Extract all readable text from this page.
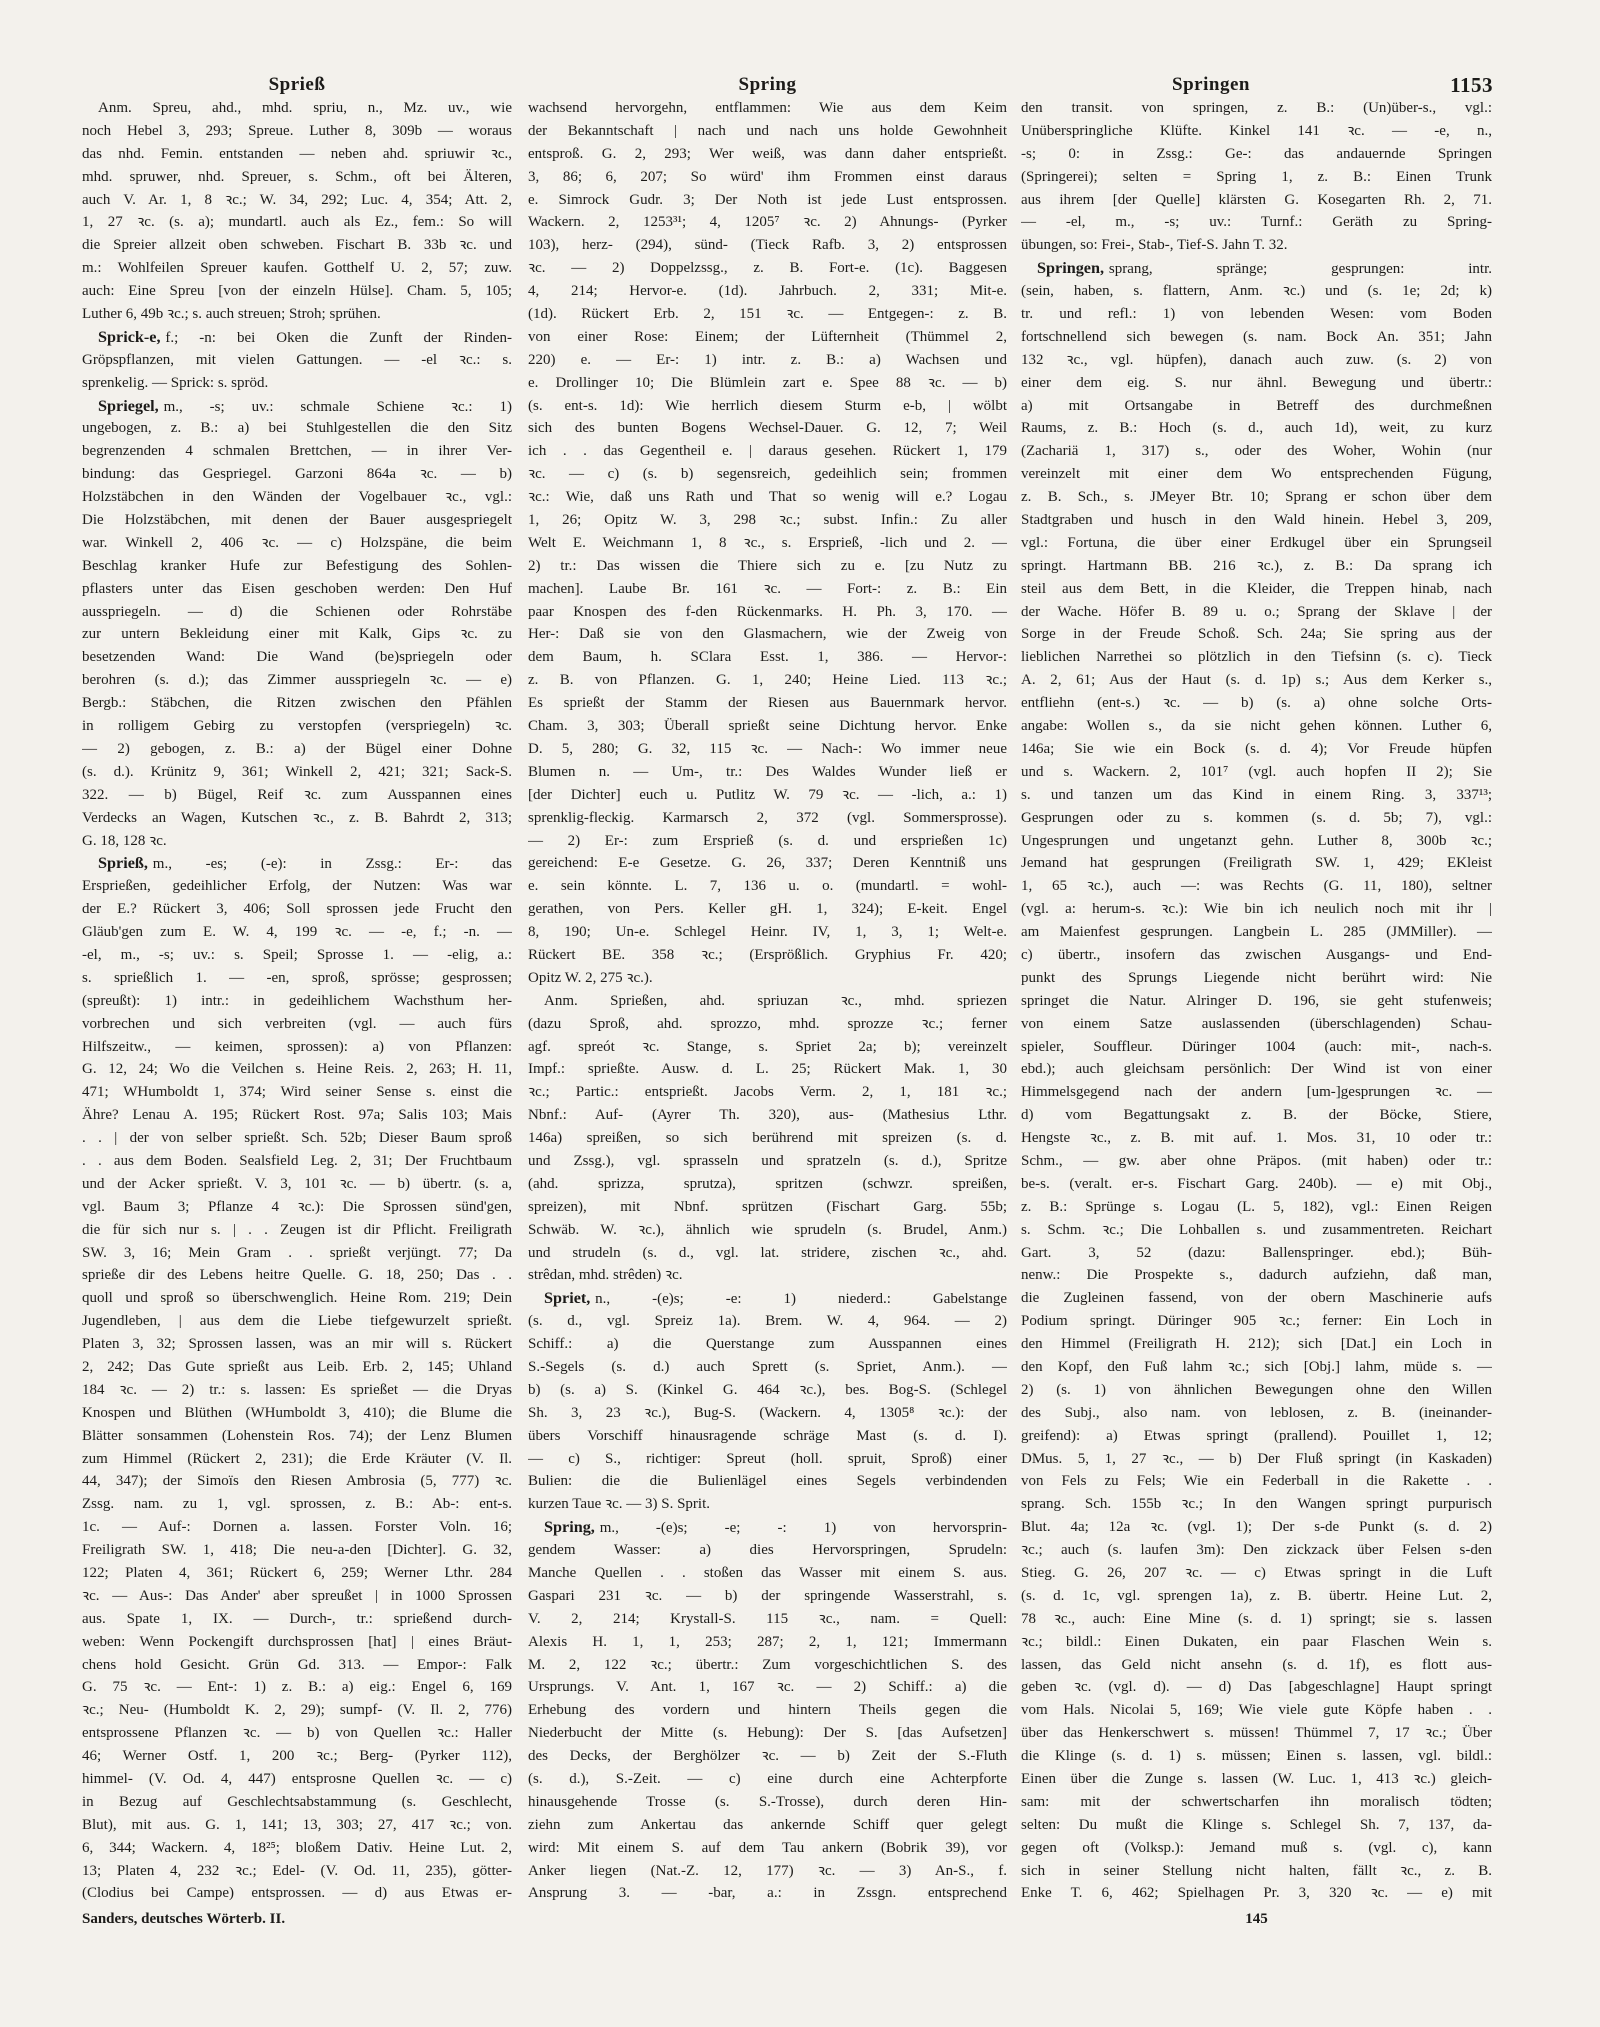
Sprieß	Spring	Springen	1153
Anm. Spreu, ahd., mhd. spriu, n., Mz. uv., wie
noch Hebel 3, 293; Spreue. Luther 8, 309b — woraus
das nhd. Femin. entstanden — neben ahd. spriuwir ꝛc.,
mhd. spruwer, nhd. Spreuer, s. Schm., oft bei Älteren,
auch V. Ar. 1, 8 ꝛc.; W. 34, 292; Luc. 4, 354; Att. 2,
1, 27 ꝛc. (s. a); mundartl. auch als Ez., fem.: So will
die Spreier allzeit oben schweben. Fischart B. 33b ꝛc. und
m.: Wohlfeilen Spreuer kaufen. Gotthelf U. 2, 57; zuw.
auch: Eine Spreu [von der einzeln Hülse]. Cham. 5, 105;
Luther 6, 49b ꝛc.; s. auch streuen; Stroh; sprühen.
Sprick-e, f.; -n: bei Oken die Zunft der Rinden-
Gröpspflanzen, mit vielen Gattungen. — -el ꝛc.: s.
sprenkelig. — Sprick: s. spröd.
Spriegel, m., -s; uv.: schmale Schiene ꝛc.: 1)
ungebogen, z. B.: a) bei Stuhlgestellen die den Sitz
begrenzenden 4 schmalen Brettchen, — in ihrer Ver-
bindung: das Gespriegel. Garzoni 864a ꝛc. — b)
Holzstäbchen in den Wänden der Vogelbauer ꝛc., vgl.:
Die Holzstäbchen, mit denen der Bauer ausgespriegelt
war. Winkell 2, 406 ꝛc. — c) Holzspäne, die beim
Beschlag kranker Hufe zur Befestigung des Sohlen-
pflasters unter das Eisen geschoben werden: Den Huf
ausspriegeln. — d) die Schienen oder Rohrstäbe
zur untern Bekleidung einer mit Kalk, Gips ꝛc. zu
besetzenden Wand: Die Wand (be)spriegeln oder
berohren (s. d.); das Zimmer ausspriegeln ꝛc. — e)
Bergb.: Stäbchen, die Ritzen zwischen den Pfählen
in rolligem Gebirg zu verstopfen (verspriegeln) ꝛc.
— 2) gebogen, z. B.: a) der Bügel einer Dohne
(s. d.). Krünitz 9, 361; Winkell 2, 421; 321; Sack-S.
322. — b) Bügel, Reif ꝛc. zum Ausspannen eines
Verdecks an Wagen, Kutschen ꝛc., z. B. Bahrdt 2, 313;
G. 18, 128 ꝛc.
Sprieß, m., -es; (-e): in Zssg.: Er-: das
Ersprießen, gedeihlicher Erfolg, der Nutzen: Was war
der E.? Rückert 3, 406; Soll sprossen jede Frucht den
Gläub'gen zum E. W. 4, 199 ꝛc. — -e, f.; -n. —
-el, m., -s; uv.: s. Speil; Sprosse 1. — -elig, a.:
s. sprießlich 1. — -en, sproß, sprösse; gesprossen;
(spreußt): 1) intr.: in gedeihlichem Wachsthum her-
vorbrechen und sich verbreiten (vgl. — auch fürs
Hilfszeitw., — keimen, sprossen): a) von Pflanzen:
G. 12, 24; Wo die Veilchen s. Heine Reis. 2, 263; H. 11,
471; WHumboldt 1, 374; Wird seiner Sense s. einst die
Ähre? Lenau A. 195; Rückert Rost. 97a; Salis 103; Mais
. . | der von selber sprießt. Sch. 52b; Dieser Baum sproß
. . aus dem Boden. Sealsfield Leg. 2, 31; Der Fruchtbaum
und der Acker sprießt. V. 3, 101 ꝛc. — b) übertr. (s. a,
vgl. Baum 3; Pflanze 4 ꝛc.): Die Sprossen sünd'gen,
die für sich nur s. | . . Zeugen ist dir Pflicht. Freiligrath
SW. 3, 16; Mein Gram . . sprießt verjüngt. 77; Da
sprieße dir des Lebens heitre Quelle. G. 18, 250; Das . .
quoll und sproß so überschwenglich. Heine Rom. 219; Dein
Jugendleben, | aus dem die Liebe tiefgewurzelt sprießt.
Platen 3, 32; Sprossen lassen, was an mir will s. Rückert
2, 242; Das Gute sprießt aus Leib. Erb. 2, 145; Uhland
184 ꝛc. — 2) tr.: s. lassen: Es sprießet — die Dryas
Knospen und Blüthen (WHumboldt 3, 410); die Blume die
Blätter sonsammen (Lohenstein Ros. 74); der Lenz Blumen
zum Himmel (Rückert 2, 231); die Erde Kräuter (V. Il.
44, 347); der Simoïs den Riesen Ambrosia (5, 777) ꝛc.
Zssg. nam. zu 1, vgl. sprossen, z. B.: Ab-: ent-s.
1c. — Auf-: Dornen a. lassen. Forster Voln. 16;
Freiligrath SW. 1, 418; Die neu-a-den [Dichter]. G. 32,
122; Platen 4, 361; Rückert 6, 259; Werner Lthr. 284
ꝛc. — Aus-: Das Ander' aber spreußet | in 1000 Sprossen
aus. Spate 1, IX. — Durch-, tr.: sprießend durch-
weben: Wenn Pockengift durchsprossen [hat] | eines Bräut-
chens hold Gesicht. Grün Gd. 313. — Empor-: Falk
G. 75 ꝛc. — Ent-: 1) z. B.: a) eig.: Engel 6, 169
ꝛc.; Neu- (Humboldt K. 2, 29); sumpf- (V. Il. 2, 776)
entsprossene Pflanzen ꝛc. — b) von Quellen ꝛc.: Haller
46; Werner Ostf. 1, 200 ꝛc.; Berg- (Pyrker 112),
himmel- (V. Od. 4, 447) entsprosne Quellen ꝛc. — c)
in Bezug auf Geschlechtsabstammung (s. Geschlecht,
Blut), mit aus. G. 1, 141; 13, 303; 27, 417 ꝛc.; von.
6, 344; Wackern. 4, 18²⁵; bloßem Dativ. Heine Lut. 2,
13; Platen 4, 232 ꝛc.; Edel- (V. Od. 11, 235), götter-
(Clodius bei Campe) entsprossen. — d) aus Etwas er-
wachsend hervorgehn, entflammen: Wie aus dem Keim
der Bekanntschaft | nach und nach uns holde Gewohnheit
entsproß. G. 2, 293; Wer weiß, was dann daher entsprießt.
3, 86; 6, 207; So würd' ihm Frommen einst daraus
e. Simrock Gudr. 3; Der Noth ist jede Lust entsprossen.
Wackern. 2, 1253³¹; 4, 1205⁷ ꝛc. 2) Ahnungs- (Pyrker
103), herz- (294), sünd- (Tieck Rafb. 3, 2) entsprossen
ꝛc. — 2) Doppelzssg., z. B. Fort-e. (1c). Baggesen
4, 214; Hervor-e. (1d). Jahrbuch. 2, 331; Mit-e.
(1d). Rückert Erb. 2, 151 ꝛc. — Entgegen-: z. B.
von einer Rose: Einem; der Lüfternheit (Thümmel 2,
220) e. — Er-: 1) intr. z. B.: a) Wachsen und
e. Drollinger 10; Die Blümlein zart e. Spee 88 ꝛc. — b)
(s. ent-s. 1d): Wie herrlich diesem Sturm e-b, | wölbt
sich des bunten Bogens Wechsel-Dauer. G. 12, 7; Weil
ich . . das Gegentheil e. | daraus gesehen. Rückert 1, 179
ꝛc. — c) (s. b) segensreich, gedeihlich sein; frommen
ꝛc.: Wie, daß uns Rath und That so wenig will e.? Logau
1, 26; Opitz W. 3, 298 ꝛc.; subst. Infin.: Zu aller
Welt E. Weichmann 1, 8 ꝛc., s. Ersprieß, -lich und 2. —
2) tr.: Das wissen die Thiere sich zu e. [zu Nutz zu
machen]. Laube Br. 161 ꝛc. — Fort-: z. B.: Ein
paar Knospen des f-den Rückenmarks. H. Ph. 3, 170. —
Her-: Daß sie von den Glasmachern, wie der Zweig von
dem Baum, h. SClara Esst. 1, 386. — Hervor-:
z. B. von Pflanzen. G. 1, 240; Heine Lied. 113 ꝛc.;
Es sprießt der Stamm der Riesen aus Bauernmark hervor.
Cham. 3, 303; Überall sprießt seine Dichtung hervor. Enke
D. 5, 280; G. 32, 115 ꝛc. — Nach-: Wo immer neue
Blumen n. — Um-, tr.: Des Waldes Wunder ließ er
[der Dichter] euch u. Putlitz W. 79 ꝛc. — -lich, a.: 1)
sprenklig-fleckig. Karmarsch 2, 372 (vgl. Sommersprosse).
— 2) Er-: zum Ersprieß (s. d. und ersprießen 1c)
gereichend: E-e Gesetze. G. 26, 337; Deren Kenntniß uns
e. sein könnte. L. 7, 136 u. o. (mundartl. = wohl-
gerathen, von Pers. Keller gH. 1, 324); E-keit. Engel
8, 190; Un-e. Schlegel Heinr. IV, 1, 3, 1; Welt-e.
Rückert BE. 358 ꝛc.; (Ersprößlich. Gryphius Fr. 420;
Opitz W. 2, 275 ꝛc.).
Anm. Sprießen, ahd. spriuzan ꝛc., mhd. spriezen
(dazu Sproß, ahd. sprozzo, mhd. sprozze ꝛc.; ferner
agf. spreót ꝛc. Stange, s. Spriet 2a; b); vereinzelt
Impf.: sprießte. Ausw. d. L. 25; Rückert Mak. 1, 30
ꝛc.; Partic.: entsprießt. Jacobs Verm. 2, 1, 181 ꝛc.;
Nbnf.: Auf- (Ayrer Th. 320), aus- (Mathesius Lthr.
146a) spreißen, so sich berührend mit spreizen (s. d.
und Zssg.), vgl. sprasseln und spratzeln (s. d.), Spritze
(ahd. sprizza, sprutza), spritzen (schwzr. spreißen,
spreizen), mit Nbnf. sprützen (Fischart Garg. 55b;
Schwäb. W. ꝛc.), ähnlich wie sprudeln (s. Brudel, Anm.)
und strudeln (s. d., vgl. lat. stridere, zischen ꝛc., ahd.
strêdan, mhd. strêden) ꝛc.
Spriet, n., -(e)s; -e: 1) niederd.: Gabelstange
(s. d., vgl. Spreiz 1a). Brem. W. 4, 964. — 2)
Schiff.: a) die Querstange zum Ausspannen eines
S.-Segels (s. d.) auch Sprett (s. Spriet, Anm.). —
b) (s. a) S. (Kinkel G. 464 ꝛc.), bes. Bog-S. (Schlegel
Sh. 3, 23 ꝛc.), Bug-S. (Wackern. 4, 1305⁸ ꝛc.): der
übers Vorschiff hinausragende schräge Mast (s. d. I).
— c) S., richtiger: Spreut (holl. spruit, Sproß) einer
Bulien: die die Bulienlägel eines Segels verbindenden
kurzen Taue ꝛc. — 3) S. Sprit.
Spring, m., -(e)s; -e; -: 1) von hervorsprin-
gendem Wasser: a) dies Hervorspringen, Sprudeln:
Manche Quellen . . stoßen das Wasser mit einem S. aus.
Gaspari 231 ꝛc. — b) der springende Wasserstrahl, s.
V. 2, 214; Krystall-S. 115 ꝛc., nam. = Quell:
Alexis H. 1, 1, 253; 287; 2, 1, 121; Immermann
M. 2, 122 ꝛc.; übertr.: Zum vorgeschichtlichen S. des
Ursprungs. V. Ant. 1, 167 ꝛc. — 2) Schiff.: a) die
Erhebung des vordern und hintern Theils gegen die
Niederbucht der Mitte (s. Hebung): Der S. [das Aufsetzen]
des Decks, der Berghölzer ꝛc. — b) Zeit der S.-Fluth
(s. d.), S.-Zeit. — c) eine durch eine Achterpforte
hinausgehende Trosse (s. S.-Trosse), durch deren Hin-
ziehn zum Ankertau das ankernde Schiff quer gelegt
wird: Mit einem S. auf dem Tau ankern (Bobrik 39), vor
Anker liegen (Nat.-Z. 12, 177) ꝛc. — 3) An-S., f.
Ansprung 3. — -bar, a.: in Zssgn. entsprechend
den transit. von springen, z. B.: (Un)über-s., vgl.:
Unüberspringliche Klüfte. Kinkel 141 ꝛc. — -e, n.,
-s; 0: in Zssg.: Ge-: das andauernde Springen
(Springerei); selten = Spring 1, z. B.: Einen Trunk
aus ihrem [der Quelle] klärsten G. Kosegarten Rh. 2, 71.
— -el, m., -s; uv.: Turnf.: Geräth zu Spring-
übungen, so: Frei-, Stab-, Tief-S. Jahn T. 32.
Springen, sprang, spränge; gesprungen: intr.
(sein, haben, s. flattern, Anm. ꝛc.) und (s. 1e; 2d; k)
tr. und refl.: 1) von lebenden Wesen: vom Boden
fortschnellend sich bewegen (s. nam. Bock An. 351; Jahn
132 ꝛc., vgl. hüpfen), danach auch zuw. (s. 2) von
einer dem eig. S. nur ähnl. Bewegung und übertr.:
a) mit Ortsangabe in Betreff des durchmeßnen
Raums, z. B.: Hoch (s. d., auch 1d), weit, zu kurz
(Zachariä 1, 317) s., oder des Woher, Wohin (nur
vereinzelt mit einer dem Wo entsprechenden Fügung,
z. B. Sch., s. JMeyer Btr. 10; Sprang er schon über dem
Stadtgraben und husch in den Wald hinein. Hebel 3, 209,
vgl.: Fortuna, die über einer Erdkugel über ein Sprungseil
springt. Hartmann BB. 216 ꝛc.), z. B.: Da sprang ich
steil aus dem Bett, in die Kleider, die Treppen hinab, nach
der Wache. Höfer B. 89 u. o.; Sprang der Sklave | der
Sorge in der Freude Schoß. Sch. 24a; Sie spring aus der
lieblichen Narrethei so plötzlich in den Tiefsinn (s. c). Tieck
A. 2, 61; Aus der Haut (s. d. 1p) s.; Aus dem Kerker s.,
entfliehn (ent-s.) ꝛc. — b) (s. a) ohne solche Orts-
angabe: Wollen s., da sie nicht gehen können. Luther 6,
146a; Sie wie ein Bock (s. d. 4); Vor Freude hüpfen
und s. Wackern. 2, 101⁷ (vgl. auch hopfen II 2); Sie
s. und tanzen um das Kind in einem Ring. 3, 337¹³;
Gesprungen oder zu s. kommen (s. d. 5b; 7), vgl.:
Ungesprungen und ungetanzt gehn. Luther 8, 300b ꝛc.;
Jemand hat gesprungen (Freiligrath SW. 1, 429; EKleist
1, 65 ꝛc.), auch —: was Rechts (G. 11, 180), seltner
(vgl. a: herum-s. ꝛc.): Wie bin ich neulich noch mit ihr |
am Maienfest gesprungen. Langbein L. 285 (JMMiller). —
c) übertr., insofern das zwischen Ausgangs- und End-
punkt des Sprungs Liegende nicht berührt wird: Nie
springet die Natur. Alringer D. 196, sie geht stufenweis;
von einem Satze auslassenden (überschlagenden) Schau-
spieler, Souffleur. Düringer 1004 (auch: mit-, nach-s.
ebd.); auch gleichsam persönlich: Der Wind ist von einer
Himmelsgegend nach der andern [um-]gesprungen ꝛc. —
d) vom Begattungsakt z. B. der Böcke, Stiere,
Hengste ꝛc., z. B. mit auf. 1. Mos. 31, 10 oder tr.:
Schm., — gw. aber ohne Präpos. (mit haben) oder tr.:
be-s. (veralt. er-s. Fischart Garg. 240b). — e) mit Obj.,
z. B.: Sprünge s. Logau (L. 5, 182), vgl.: Einen Reigen
s. Schm. ꝛc.; Die Lohballen s. und zusammentreten. Reichart
Gart. 3, 52 (dazu: Ballenspringer. ebd.); Büh-
nenw.: Die Prospekte s., dadurch aufziehn, daß man,
die Zugleinen fassend, von der obern Maschinerie aufs
Podium springt. Düringer 905 ꝛc.; ferner: Ein Loch in
den Himmel (Freiligrath H. 212); sich [Dat.] ein Loch in
den Kopf, den Fuß lahm ꝛc.; sich [Obj.] lahm, müde s. —
2) (s. 1) von ähnlichen Bewegungen ohne den Willen
des Subj., also nam. von leblosen, z. B. (ineinander-
greifend): a) Etwas springt (prallend). Pouillet 1, 12;
DMus. 5, 1, 27 ꝛc., — b) Der Fluß springt (in Kaskaden)
von Fels zu Fels; Wie ein Federball in die Rakette . .
sprang. Sch. 155b ꝛc.; In den Wangen springt purpurisch
Blut. 4a; 12a ꝛc. (vgl. 1); Der s-de Punkt (s. d. 2)
ꝛc.; auch (s. laufen 3m): Den zickzack über Felsen s-den
Stieg. G. 26, 207 ꝛc. — c) Etwas springt in die Luft
(s. d. 1c, vgl. sprengen 1a), z. B. übertr. Heine Lut. 2,
78 ꝛc., auch: Eine Mine (s. d. 1) springt; sie s. lassen
ꝛc.; bildl.: Einen Dukaten, ein paar Flaschen Wein s.
lassen, das Geld nicht ansehn (s. d. 1f), es flott aus-
geben ꝛc. (vgl. d). — d) Das [abgeschlagne] Haupt springt
vom Hals. Nicolai 5, 169; Wie viele gute Köpfe haben . .
über das Henkerschwert s. müssen! Thümmel 7, 17 ꝛc.; Über
die Klinge (s. d. 1) s. müssen; Einen s. lassen, vgl. bildl.:
Einen über die Zunge s. lassen (W. Luc. 1, 413 ꝛc.) gleich-
sam: mit der schwertscharfen ihn moralisch tödten;
selten: Du mußt die Klinge s. Schlegel Sh. 7, 137, da-
gegen oft (Volksp.): Jemand muß s. (vgl. c), kann
sich in seiner Stellung nicht halten, fällt ꝛc., z. B.
Enke T. 6, 462; Spielhagen Pr. 3, 320 ꝛc. — e) mit
Sanders, deutsches Wörterb. II.	145
